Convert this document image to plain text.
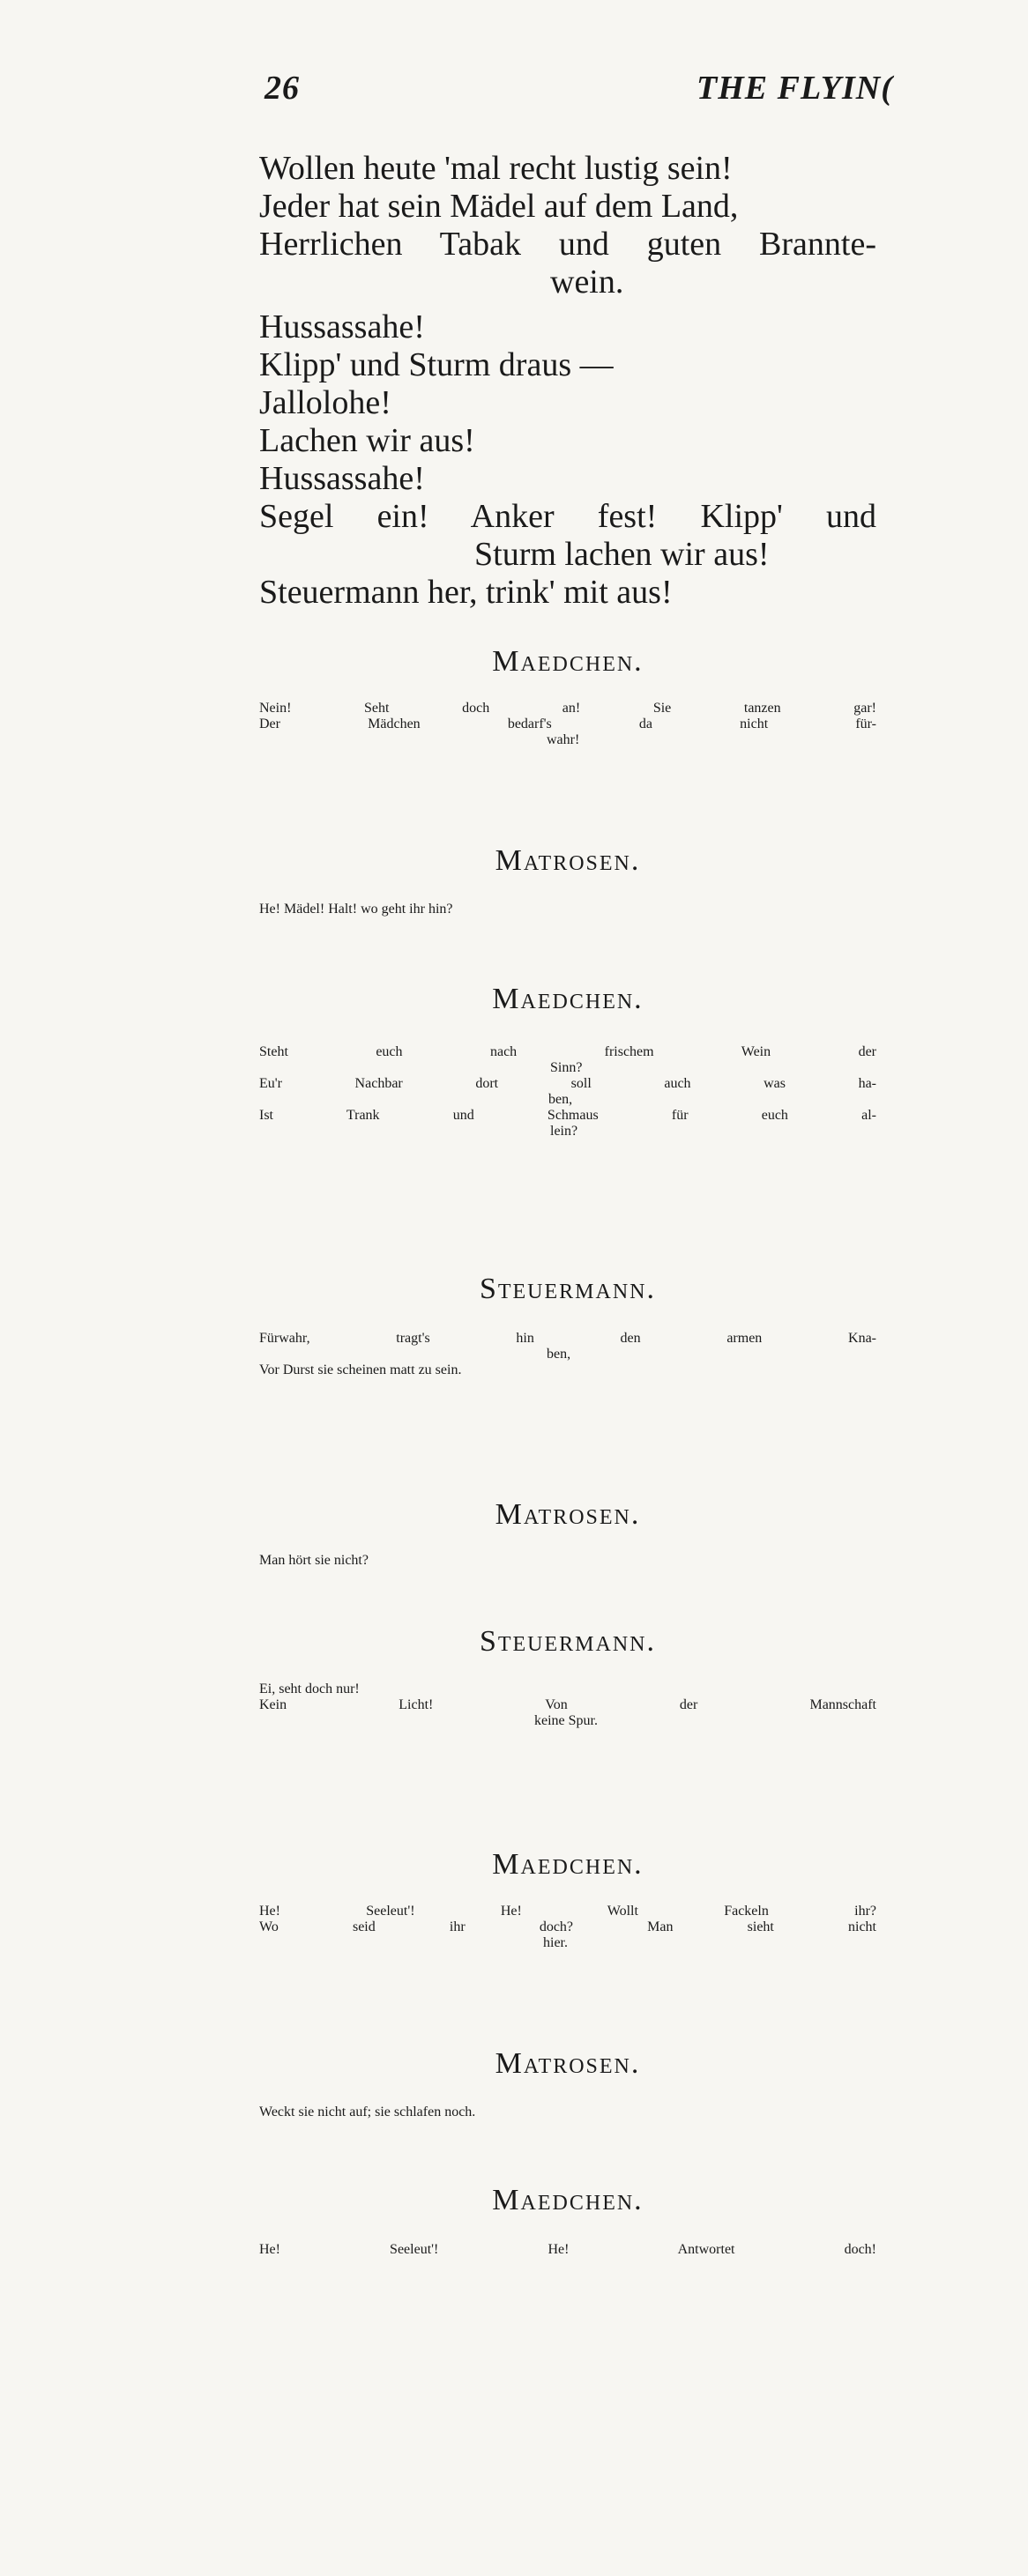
26	THE FLYIN(
Wollen heute 'mal recht lustig sein!
Jeder hat sein Mädel auf dem Land,
Herrlichen Tabak und guten Brannte-
wein.
Hussassahe!
Klipp' und Sturm draus —
Jallolohe!
Lachen wir aus!
Hussassahe!
Segel ein! Anker fest! Klipp' und
Sturm lachen wir aus!
Steuermann her, trink' mit aus!
Maedchen.
Nein! Seht doch an! Sie tanzen gar!
Der Mädchen bedarf's da nicht für-
wahr!
Matrosen.
He! Mädel! Halt! wo geht ihr hin?
Maedchen.
Steht euch nach frischem Wein der
Sinn?
Eu'r Nachbar dort soll auch was ha-
ben,
Ist Trank und Schmaus für euch al-
lein?
Steuermann.
Fürwahr, tragt's hin den armen Kna-
ben,
Vor Durst sie scheinen matt zu sein.
Matrosen.
Man hört sie nicht?
Steuermann.
Ei, seht doch nur!
Kein Licht! Von der Mannschaft
keine Spur.
Maedchen.
He! Seeleut'! He! Wollt Fackeln ihr?
Wo seid ihr doch? Man sieht nicht
hier.
Matrosen.
Weckt sie nicht auf; sie schlafen noch.
Maedchen.
He! Seeleut'! He! Antwortet doch!
